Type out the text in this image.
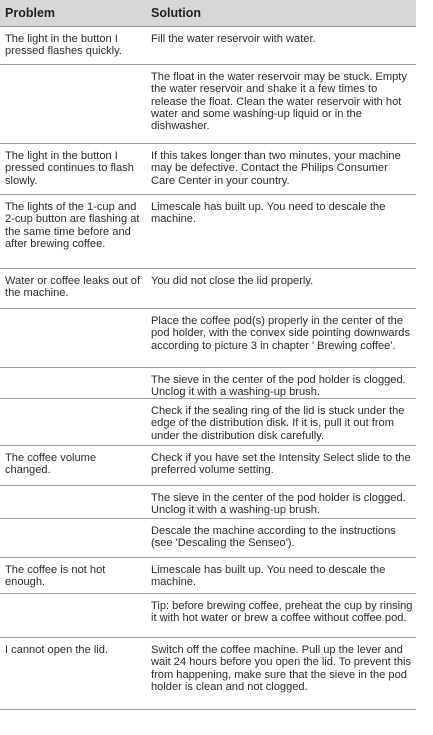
Problem	Solution
The light in the button I pressed flashes quickly.
Fill the water reservoir with water.
The float in the water reservoir may be stuck. Empty the water reservoir and shake it a few times to release the float. Clean the water reservoir with hot water and some washing-up liquid or in the dishwasher.
The light in the button I pressed continues to flash slowly.
If this takes longer than two minutes, your machine may be defective. Contact the Philips Consumer Care Center in your country.
The lights of the 1-cup and 2-cup button are flashing at the same time before and after brewing coffee.
Limescale has built up. You need to descale the machine.
Water or coffee leaks out of the machine.
You did not close the lid properly.
Place the coffee pod(s) properly in the center of the pod holder, with the convex side pointing downwards according to picture 3 in chapter ' Brewing coffee'.
The sieve in the center of the pod holder is clogged. Unclog it with a washing-up brush.
Check if the sealing ring of the lid is stuck under the edge of the distribution disk. If it is, pull it out from under the distribution disk carefully.
The coffee volume changed.
Check if you have set the Intensity Select slide to the preferred volume setting.
The sieve in the center of the pod holder is clogged. Unclog it with a washing-up brush.
Descale the machine according to the instructions (see 'Descaling the Senseo').
The coffee is not hot enough.
Limescale has built up. You need to descale the machine.
Tip: before brewing coffee, preheat the cup by rinsing it with hot water or brew a coffee without coffee pod.
I cannot open the lid.	Switch off the coffee machine. Pull up the lever and wait 24 hours before you open the lid. To prevent this from happening, make sure that the sieve in the pod holder is clean and not clogged.
